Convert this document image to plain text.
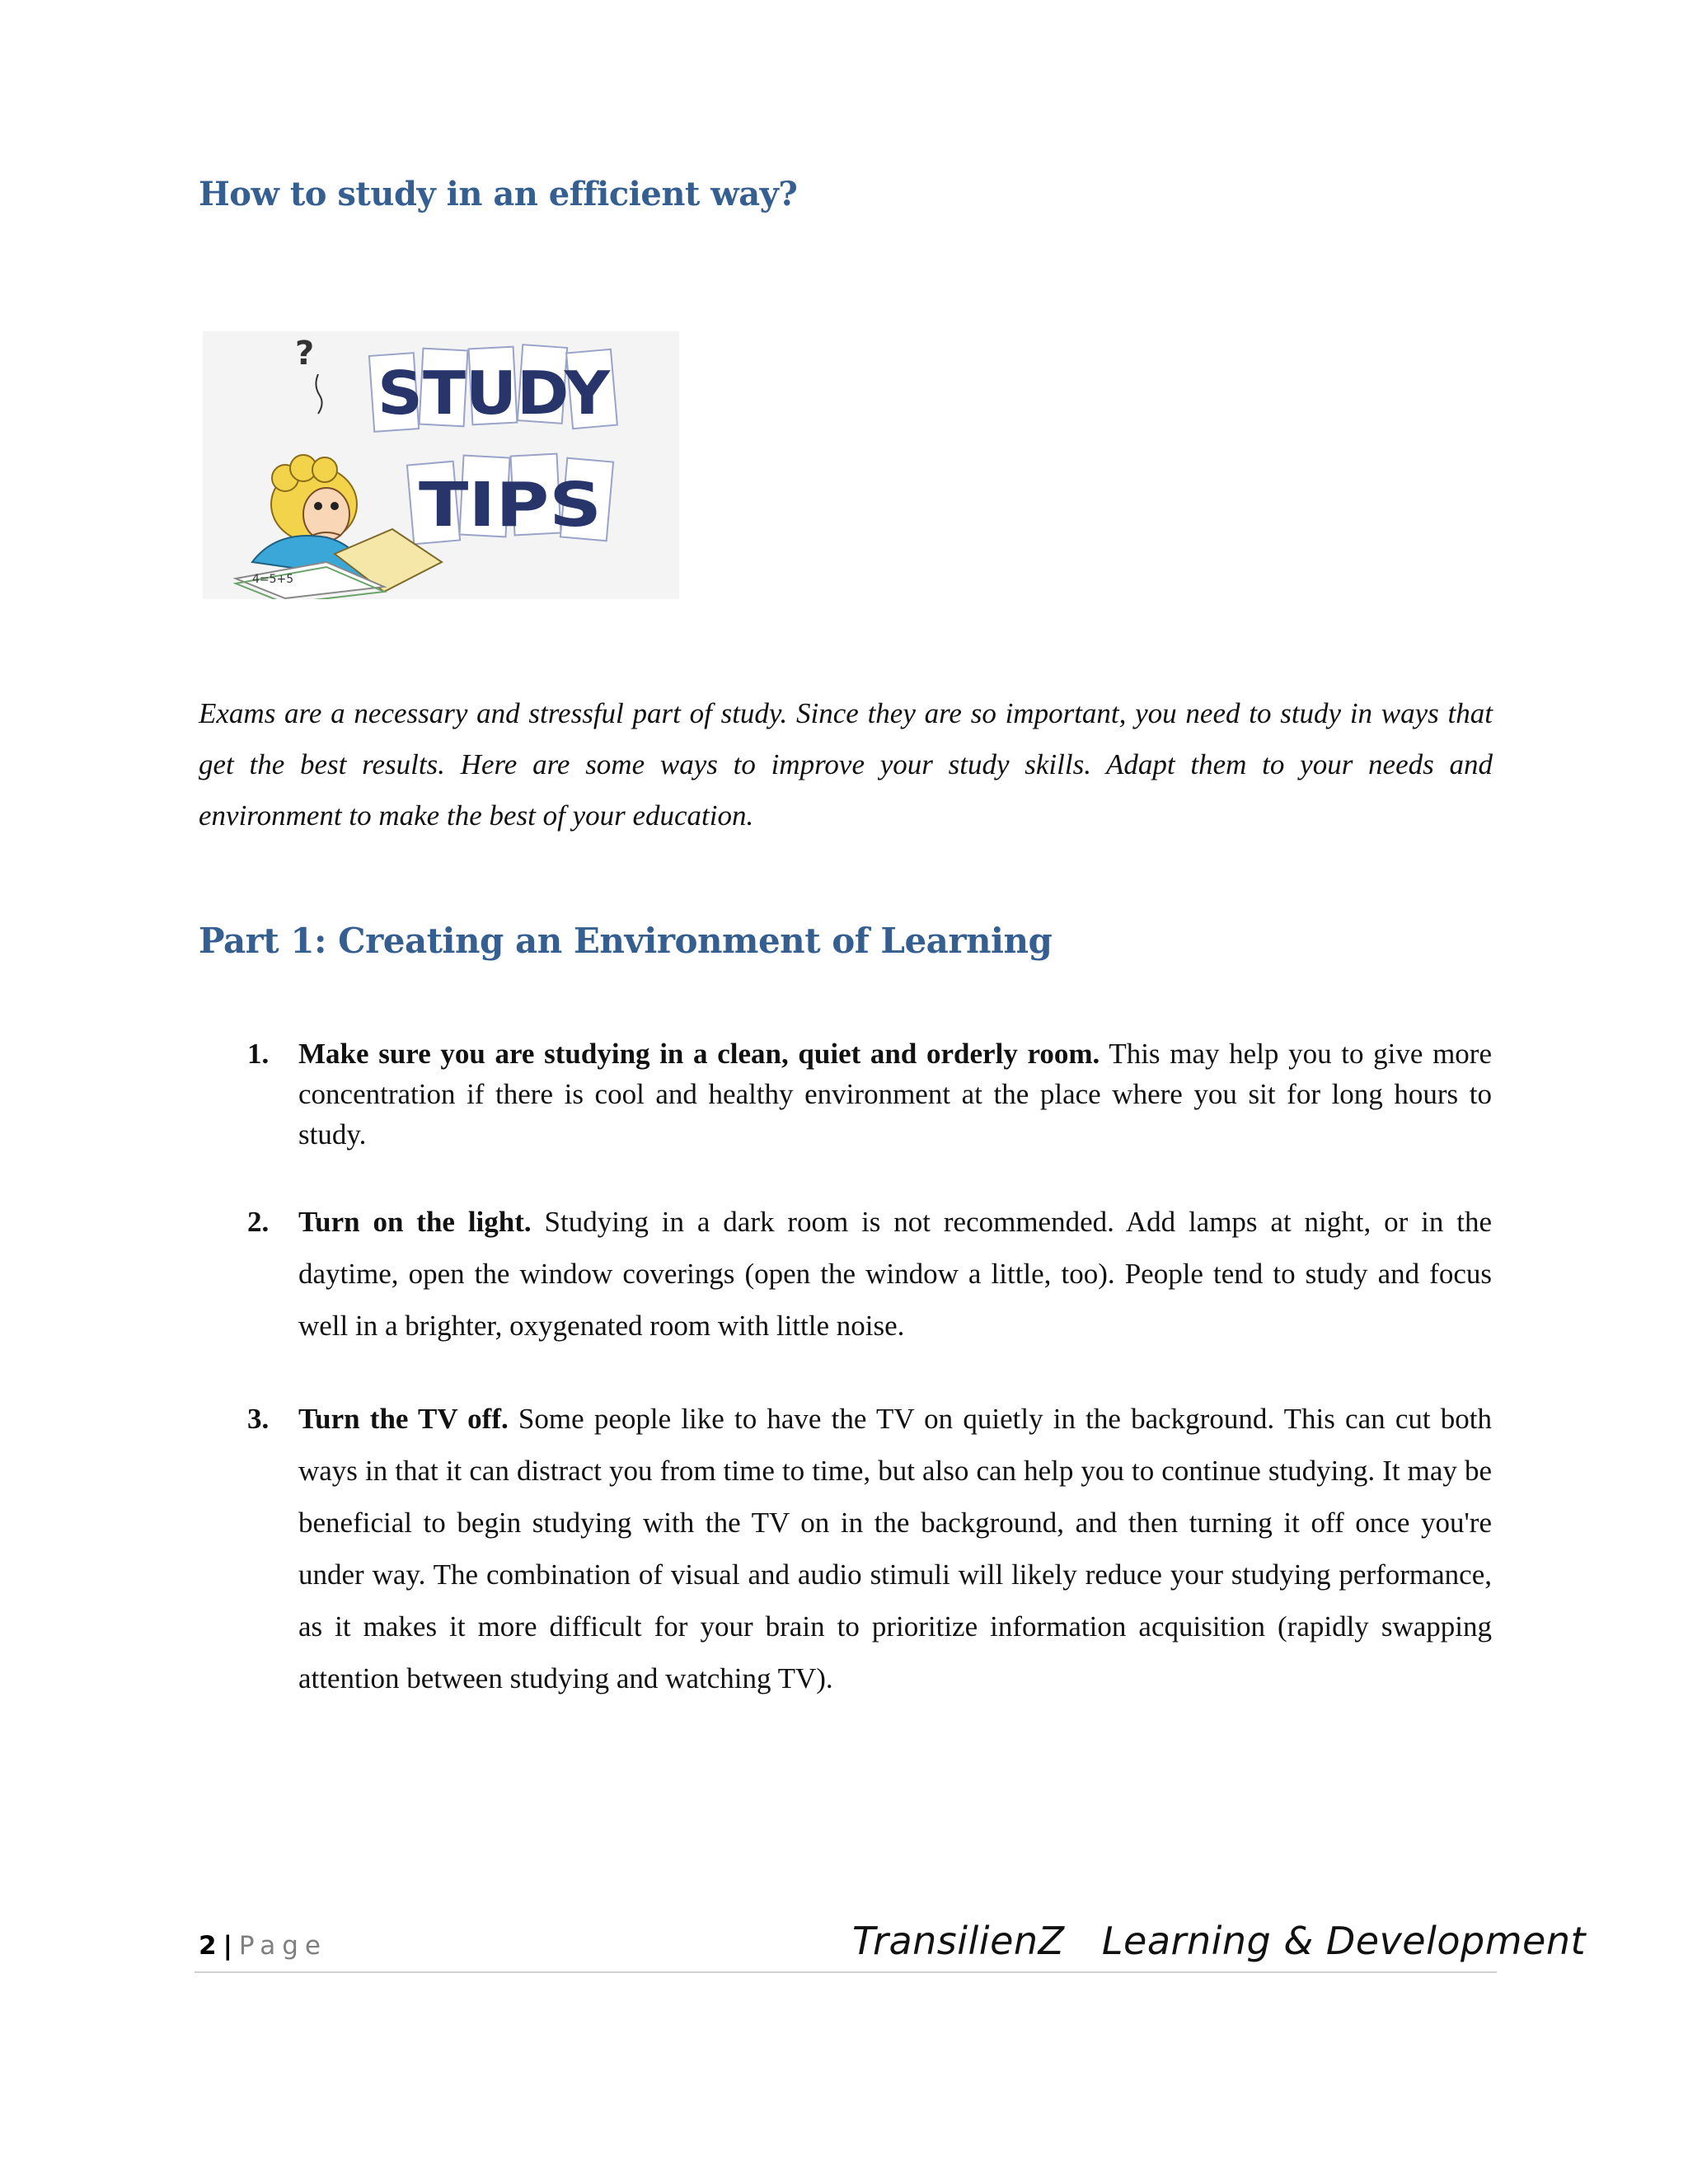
How to study in an efficient way?
?
STUDY
TIPS
4=5+5

Exams are a necessary and stressful part of study. Since they are so important, you need to study in ways that get the best results. Here are some ways to improve your study skills. Adapt them to your needs and environment to make the best of your education.

Part 1: Creating an Environment of Learning
1. Make sure you are studying in a clean, quiet and orderly room. This may help you to give more concentration if there is cool and healthy environment at the place where you sit for long hours to study.
2. Turn on the light. Studying in a dark room is not recommended. Add lamps at night, or in the daytime, open the window coverings (open the window a little, too). People tend to study and focus well in a brighter, oxygenated room with little noise.
3. Turn the TV off. Some people like to have the TV on quietly in the background. This can cut both ways in that it can distract you from time to time, but also can help you to continue studying. It may be beneficial to begin studying with the TV on in the background, and then turning it off once you're under way. The combination of visual and audio stimuli will likely reduce your studying performance, as it makes it more difficult for your brain to prioritize information acquisition (rapidly swapping attention between studying and watching TV).
2 | Page	TransilienZ   Learning & Development
